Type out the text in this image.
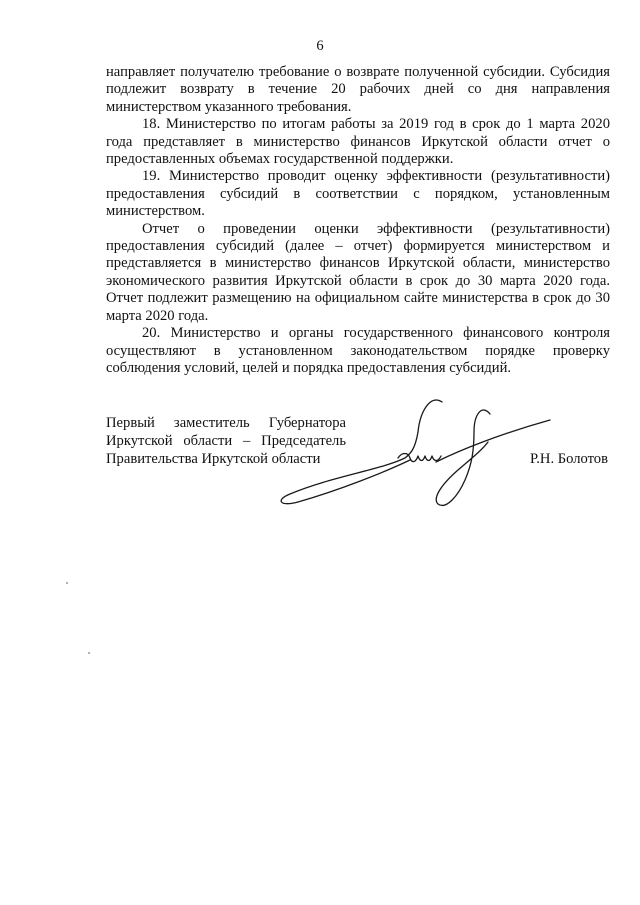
6

направляет получателю требование о возврате полученной субсидии. Субсидия подлежит возврату в течение 20 рабочих дней со дня направления министерством указанного требования.

18. Министерство по итогам работы за 2019 год в срок до 1 марта 2020 года представляет в министерство финансов Иркутской области отчет о предоставленных объемах государственной поддержки.

19. Министерство проводит оценку эффективности (результативности) предоставления субсидий в соответствии с порядком, установленным министерством.

Отчет о проведении оценки эффективности (результативности) предоставления субсидий (далее – отчет) формируется министерством и представляется в министерство финансов Иркутской области, министерство экономического развития Иркутской области в срок до 30 марта 2020 года. Отчет подлежит размещению на официальном сайте министерства в срок до 30 марта 2020 года.

20. Министерство и органы государственного финансового контроля осуществляют в установленном законодательством порядке проверку соблюдения условий, целей и порядка предоставления субсидий.

Первый заместитель Губернатора
Иркутской области – Председатель
Правительства Иркутской области	Р.Н. Болотов
